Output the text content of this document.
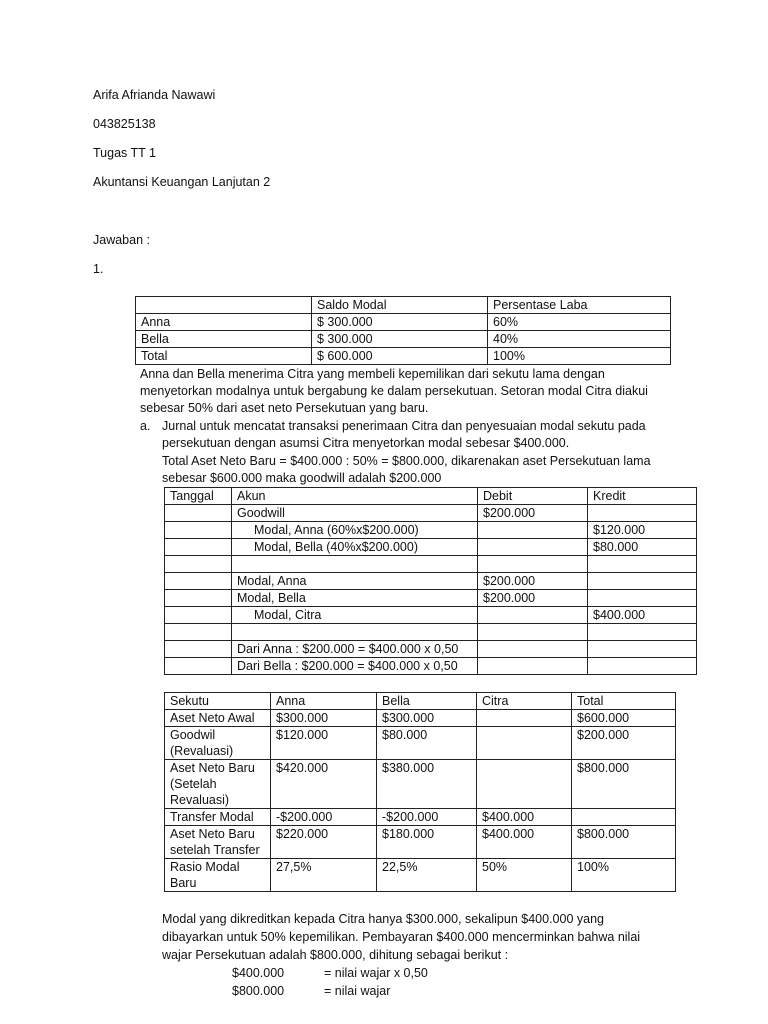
Arifa Afrianda Nawawi
043825138
Tugas TT 1
Akuntansi Keuangan Lanjutan 2
Jawaban :
1.
	Saldo Modal	Persentase Laba
Anna	$ 300.000	60%
Bella	$ 300.000	40%
Total	$ 600.000	100%
Anna dan Bella menerima Citra yang membeli kepemilikan dari sekutu lama dengan
menyetorkan modalnya untuk bergabung ke dalam persekutuan. Setoran modal Citra diakui
sebesar 50% dari aset neto Persekutuan yang baru.
a. Jurnal untuk mencatat transaksi penerimaan Citra dan penyesuaian modal sekutu pada
persekutuan dengan asumsi Citra menyetorkan modal sebesar $400.000.
Total Aset Neto Baru = $400.000 : 50% = $800.000, dikarenakan aset Persekutuan lama
sebesar $600.000 maka goodwill adalah $200.000
Tanggal	Akun	Debit	Kredit
	Goodwill	$200.000	
	Modal, Anna (60%x$200.000)		$120.000
	Modal, Bella (40%x$200.000)		$80.000

	Modal, Anna	$200.000	
	Modal, Bella	$200.000	
	Modal, Citra		$400.000

	Dari Anna : $200.000 = $400.000 x 0,50		
	Dari Bella : $200.000 = $400.000 x 0,50		
Sekutu	Anna	Bella	Citra	Total
Aset Neto Awal	$300.000	$300.000		$600.000
Goodwil (Revaluasi)	$120.000	$80.000		$200.000
Aset Neto Baru (Setelah Revaluasi)	$420.000	$380.000		$800.000
Transfer Modal	-$200.000	-$200.000	$400.000	
Aset Neto Baru setelah Transfer	$220.000	$180.000	$400.000	$800.000
Rasio Modal Baru	27,5%	22,5%	50%	100%
Modal yang dikreditkan kepada Citra hanya $300.000, sekalipun $400.000 yang
dibayarkan untuk 50% kepemilikan. Pembayaran $400.000 mencerminkan bahwa nilai
wajar Persekutuan adalah $800.000, dihitung sebagai berikut :
$400.000	= nilai wajar x 0,50
$800.000	= nilai wajar
